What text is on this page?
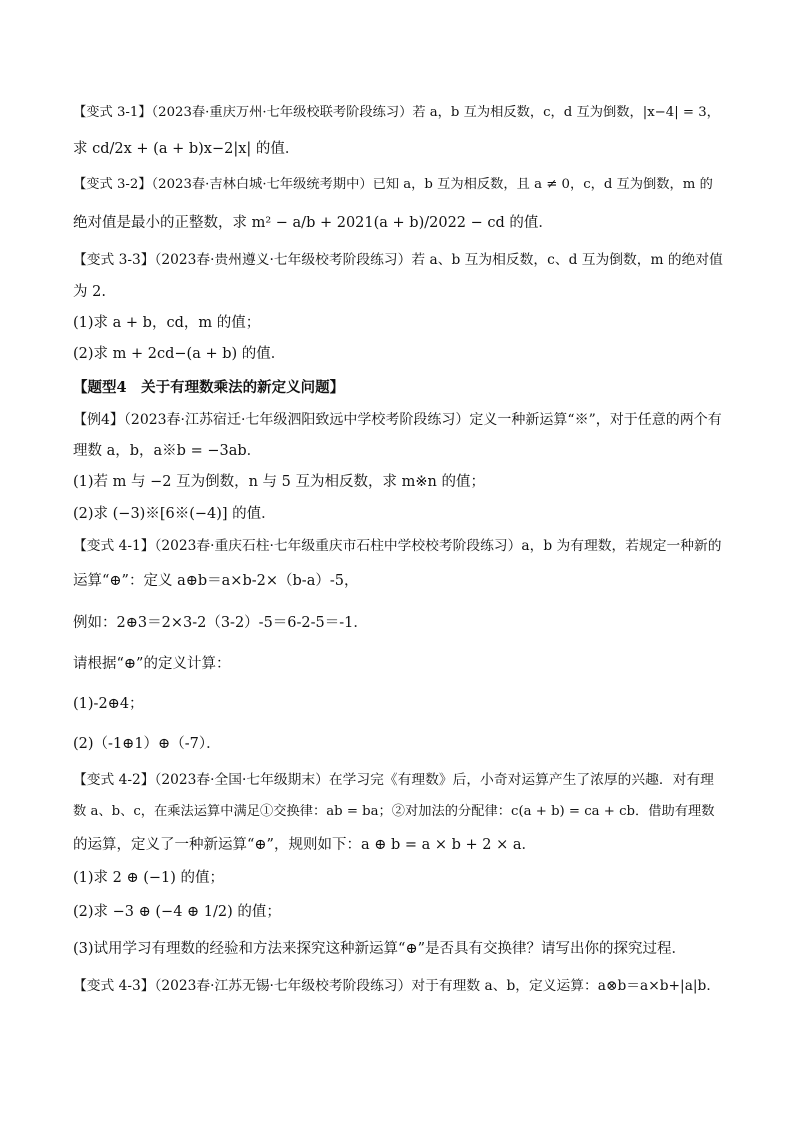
【变式 3-1】（2023春·重庆万州·七年级校联考阶段练习）若 a，b 互为相反数，c，d 互为倒数，|x−4| = 3，
求 cd/2x + (a + b)x−2|x| 的值．
【变式 3-2】（2023春·吉林白城·七年级统考期中）已知 a，b 互为相反数，且 a ≠ 0，c，d 互为倒数，m 的
绝对值是最小的正整数，求 m² − a/b + 2021(a + b)/2022 − cd 的值．
【变式 3-3】（2023春·贵州遵义·七年级校考阶段练习）若 a、b 互为相反数，c、d 互为倒数，m 的绝对值
为 2.
(1)求 a + b，cd，m 的值；
(2)求 m + 2cd−(a + b) 的值．
【题型4　关于有理数乘法的新定义问题】
【例4】（2023春·江苏宿迁·七年级泗阳致远中学校考阶段练习）定义一种新运算“※”，对于任意的两个有
理数 a，b，a※b = −3ab．
(1)若 m 与 −2 互为倒数，n 与 5 互为相反数，求 m※n 的值；
(2)求 (−3)※[6※(−4)] 的值．
【变式 4-1】（2023春·重庆石柱·七年级重庆市石柱中学校校考阶段练习）a，b 为有理数，若规定一种新的
运算“⊕”：定义 a⊕b＝a×b-2×（b-a）-5，
例如：2⊕3＝2×3-2（3-2）-5＝6-2-5＝-1．
请根据“⊕”的定义计算：
(1)-2⊕4；
(2)（-1⊕1）⊕（-7）．
【变式 4-2】（2023春·全国·七年级期末）在学习完《有理数》后，小奇对运算产生了浓厚的兴趣．对有理
数 a、b、c，在乘法运算中满足①交换律：ab = ba；②对加法的分配律：c(a + b) = ca + cb．借助有理数
的运算，定义了一种新运算“⊕”，规则如下：a ⊕ b = a × b + 2 × a．
(1)求 2 ⊕ (−1) 的值；
(2)求 −3 ⊕ (−4 ⊕ 1/2) 的值；
(3)试用学习有理数的经验和方法来探究这种新运算“⊕”是否具有交换律？请写出你的探究过程．
【变式 4-3】（2023春·江苏无锡·七年级校考阶段练习）对于有理数 a、b，定义运算：a⊗b＝a×b+|a|b．
